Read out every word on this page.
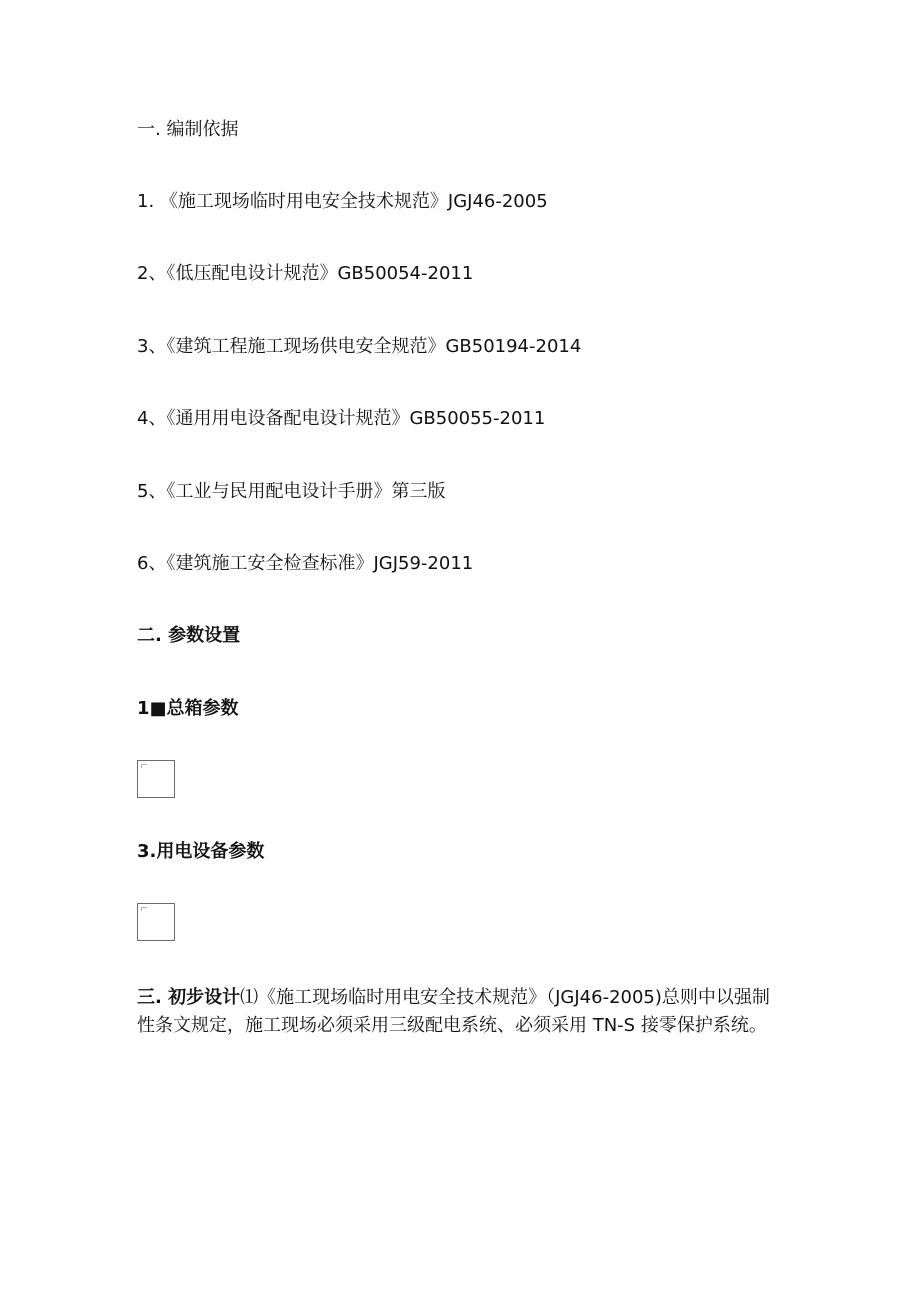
一. 编制依据
1. 《施工现场临时用电安全技术规范》JGJ46-2005
2、《低压配电设计规范》GB50054-2011
3、《建筑工程施工现场供电安全规范》GB50194-2014
4、《通用用电设备配电设计规范》GB50055-2011
5、《工业与民用配电设计手册》第三版
6、《建筑施工安全检查标准》JGJ59-2011
二. 参数设置
1■总箱参数
3.用电设备参数
三. 初步设计⑴《施工现场临时用电安全技术规范》（JGJ46-2005)总则中以强制性条文规定，施工现场必须采用三级配电系统、必须采用 TN-S 接零保护系统。
